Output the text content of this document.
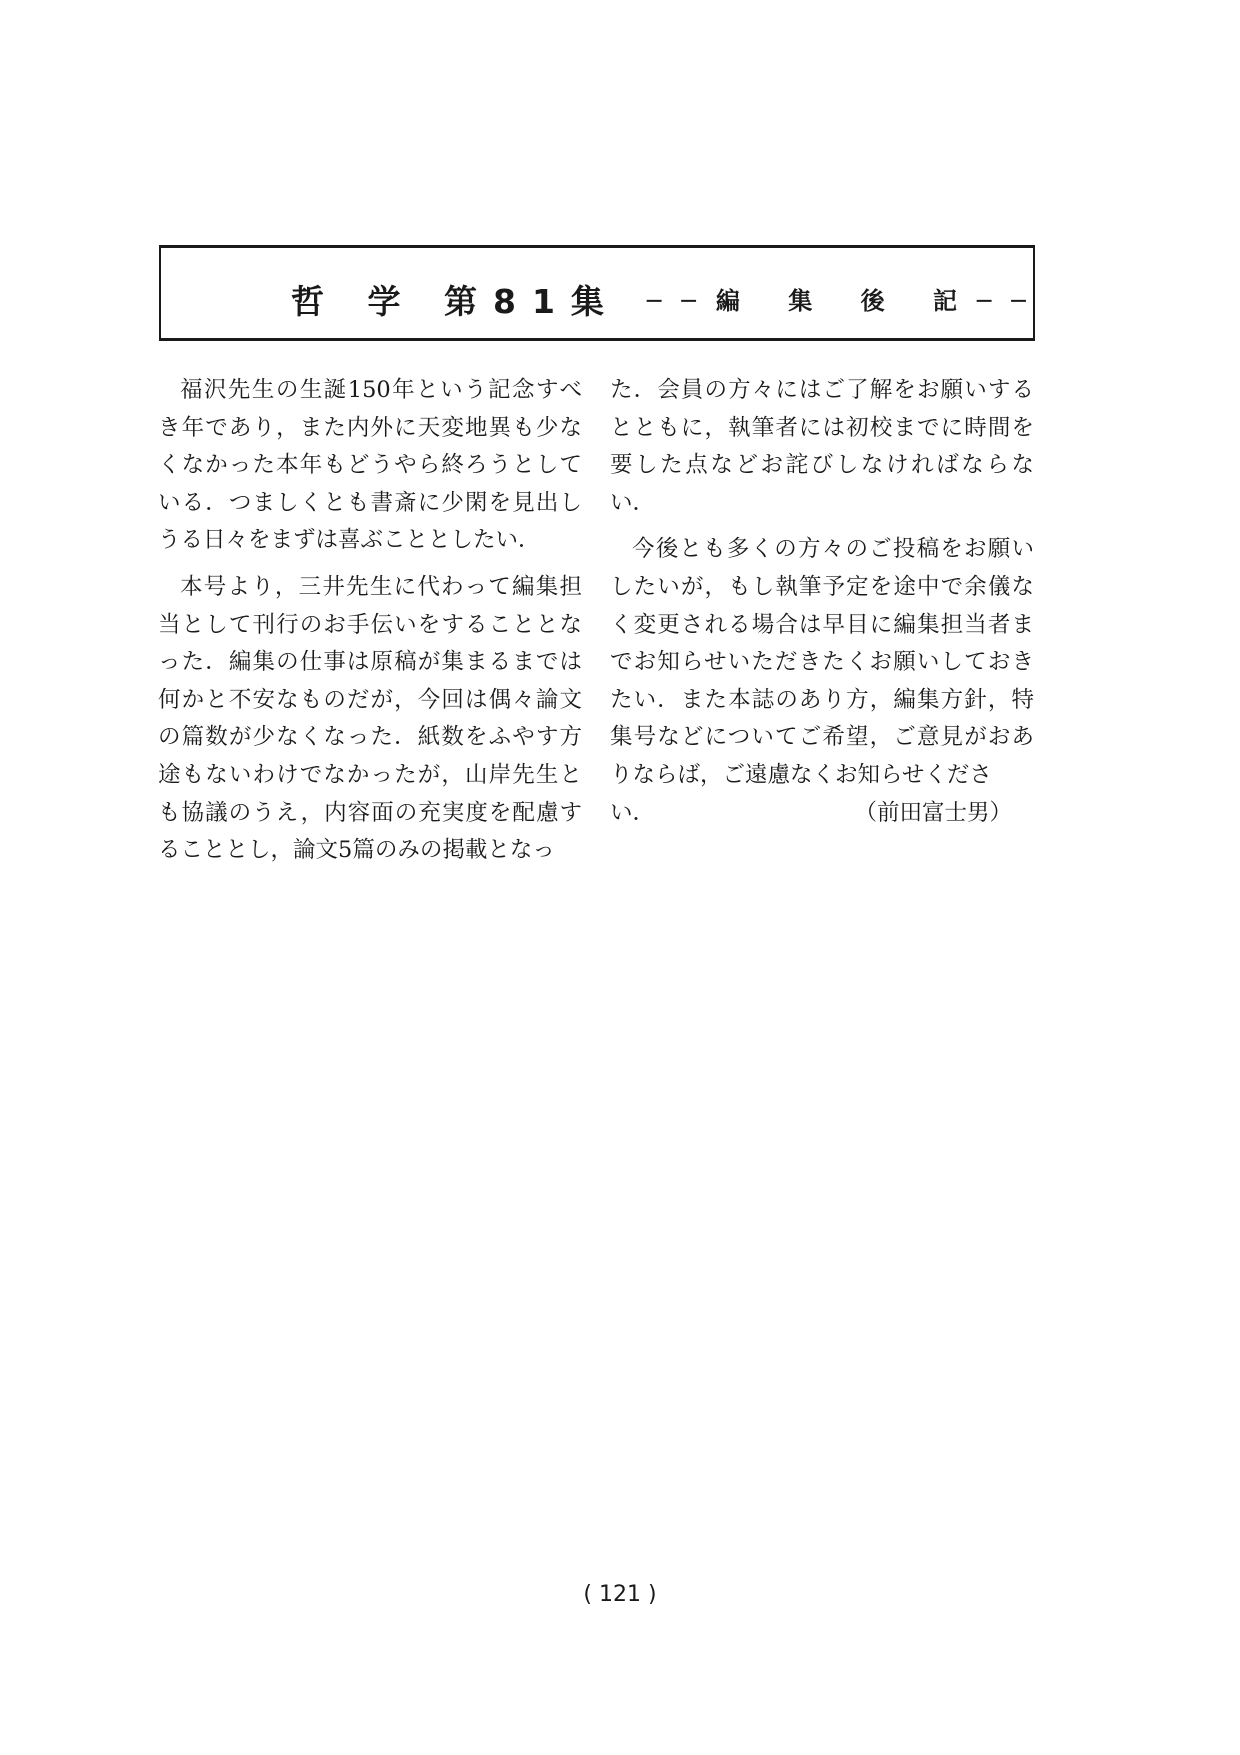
哲 学 第81集 ──編 集 後 記──

福沢先生の生誕150年という記念すべき年であり，また内外に天変地異も少なくなかった本年もどうやら終ろうとしている．つましくとも書斎に少閑を見出しうる日々をまずは喜ぶこととしたい．

本号より，三井先生に代わって編集担当として刊行のお手伝いをすることとなった．編集の仕事は原稿が集まるまでは何かと不安なものだが，今回は偶々論文の篇数が少なくなった．紙数をふやす方途もないわけでなかったが，山岸先生とも協議のうえ，内容面の充実度を配慮することとし，論文5篇のみの掲載となっ

た．会員の方々にはご了解をお願いするとともに，執筆者には初校までに時間を要した点などお詫びしなければならない．

今後とも多くの方々のご投稿をお願いしたいが，もし執筆予定を途中で余儀なく変更される場合は早目に編集担当者までお知らせいただきたくお願いしておきたい．また本誌のあり方，編集方針，特集号などについてご希望，ご意見がおありならば，ご遠慮なくお知らせくださ

い．	（前田富士男）
( 121 )
